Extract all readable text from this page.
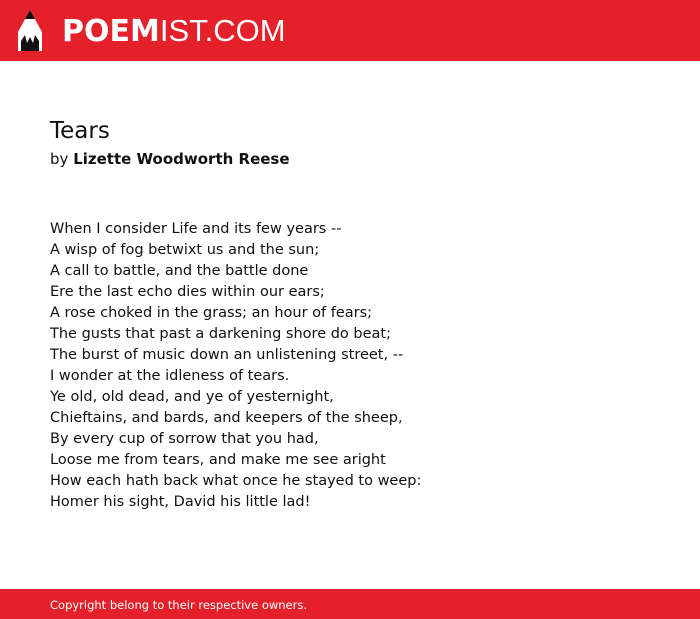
POEMIST.COM
Tears
by Lizette Woodworth Reese
When I consider Life and its few years --
A wisp of fog betwixt us and the sun;
A call to battle, and the battle done
Ere the last echo dies within our ears;
A rose choked in the grass; an hour of fears;
The gusts that past a darkening shore do beat;
The burst of music down an unlistening street, --
I wonder at the idleness of tears.
Ye old, old dead, and ye of yesternight,
Chieftains, and bards, and keepers of the sheep,
By every cup of sorrow that you had,
Loose me from tears, and make me see aright
How each hath back what once he stayed to weep:
Homer his sight, David his little lad!
Copyright belong to their respective owners.
